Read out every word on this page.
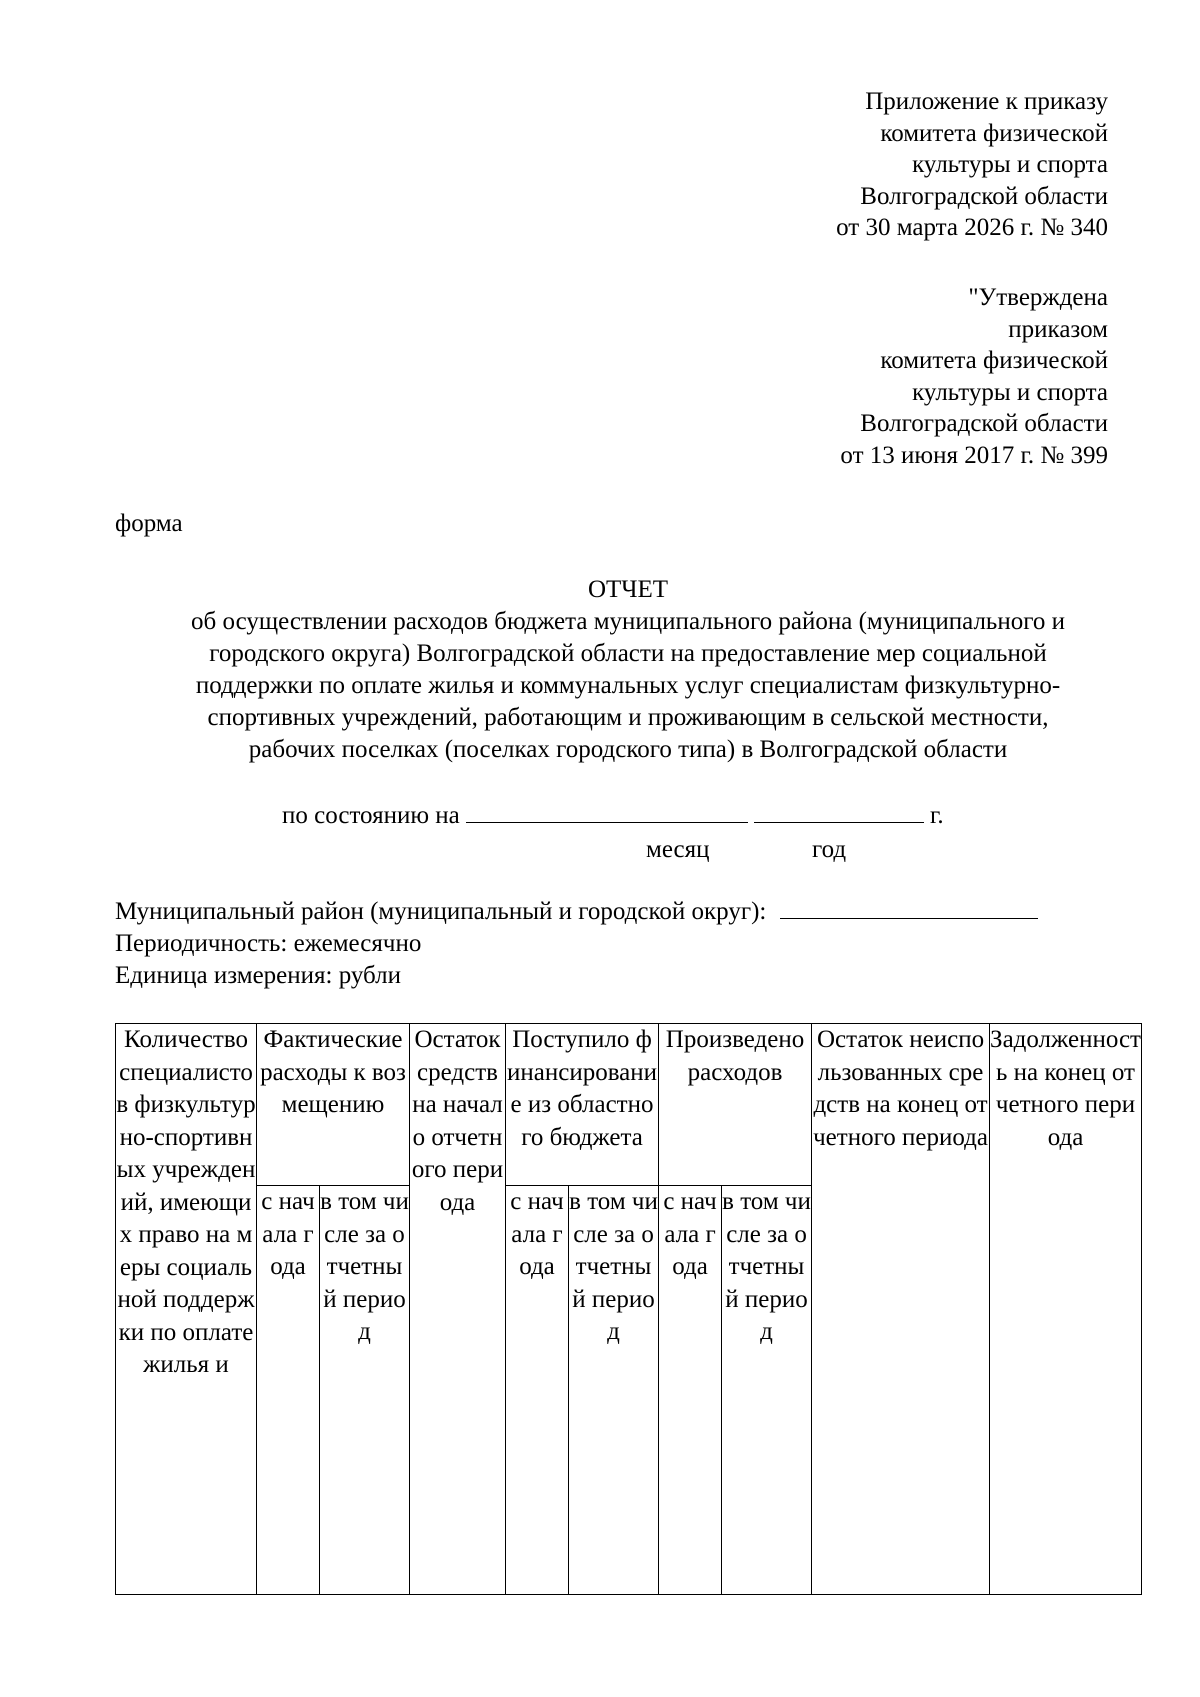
Приложение к приказу
комитета физической
культуры и спорта
Волгоградской области
от 30 марта 2026 г. № 340
"Утверждена
приказом
комитета физической
культуры и спорта
Волгоградской области
от 13 июня 2017 г. № 399
форма
ОТЧЕТ
об осуществлении расходов бюджета муниципального района (муниципального и
городского округа) Волгоградской области на предоставление мер социальной
поддержки по оплате жилья и коммунальных услуг специалистам физкультурно-
спортивных учреждений, работающим и проживающим в сельской местности,
рабочих поселках (поселках городского типа) в Волгоградской области
по состоянию на	г.
месяц	год
Муниципальный район (муниципальный и городской округ):
Периодичность: ежемесячно
Единица измерения: рубли
Количество специалистов физкультурно-спортивных учреждений, имеющих право на меры социальной поддержки по оплате жилья и	Фактические расходы к возмещению		Остаток средств на начало отчетного периода	Поступило финансирование из областного бюджета		Произведено расходов		Остаток неиспользованных средств на конец отчетного периода	Задолженность на конец отчетного периода

	с начала года	в том числе за отчетный период		с начала года	в том числе за отчетный период	с начала года	в том числе за отчетный период		
